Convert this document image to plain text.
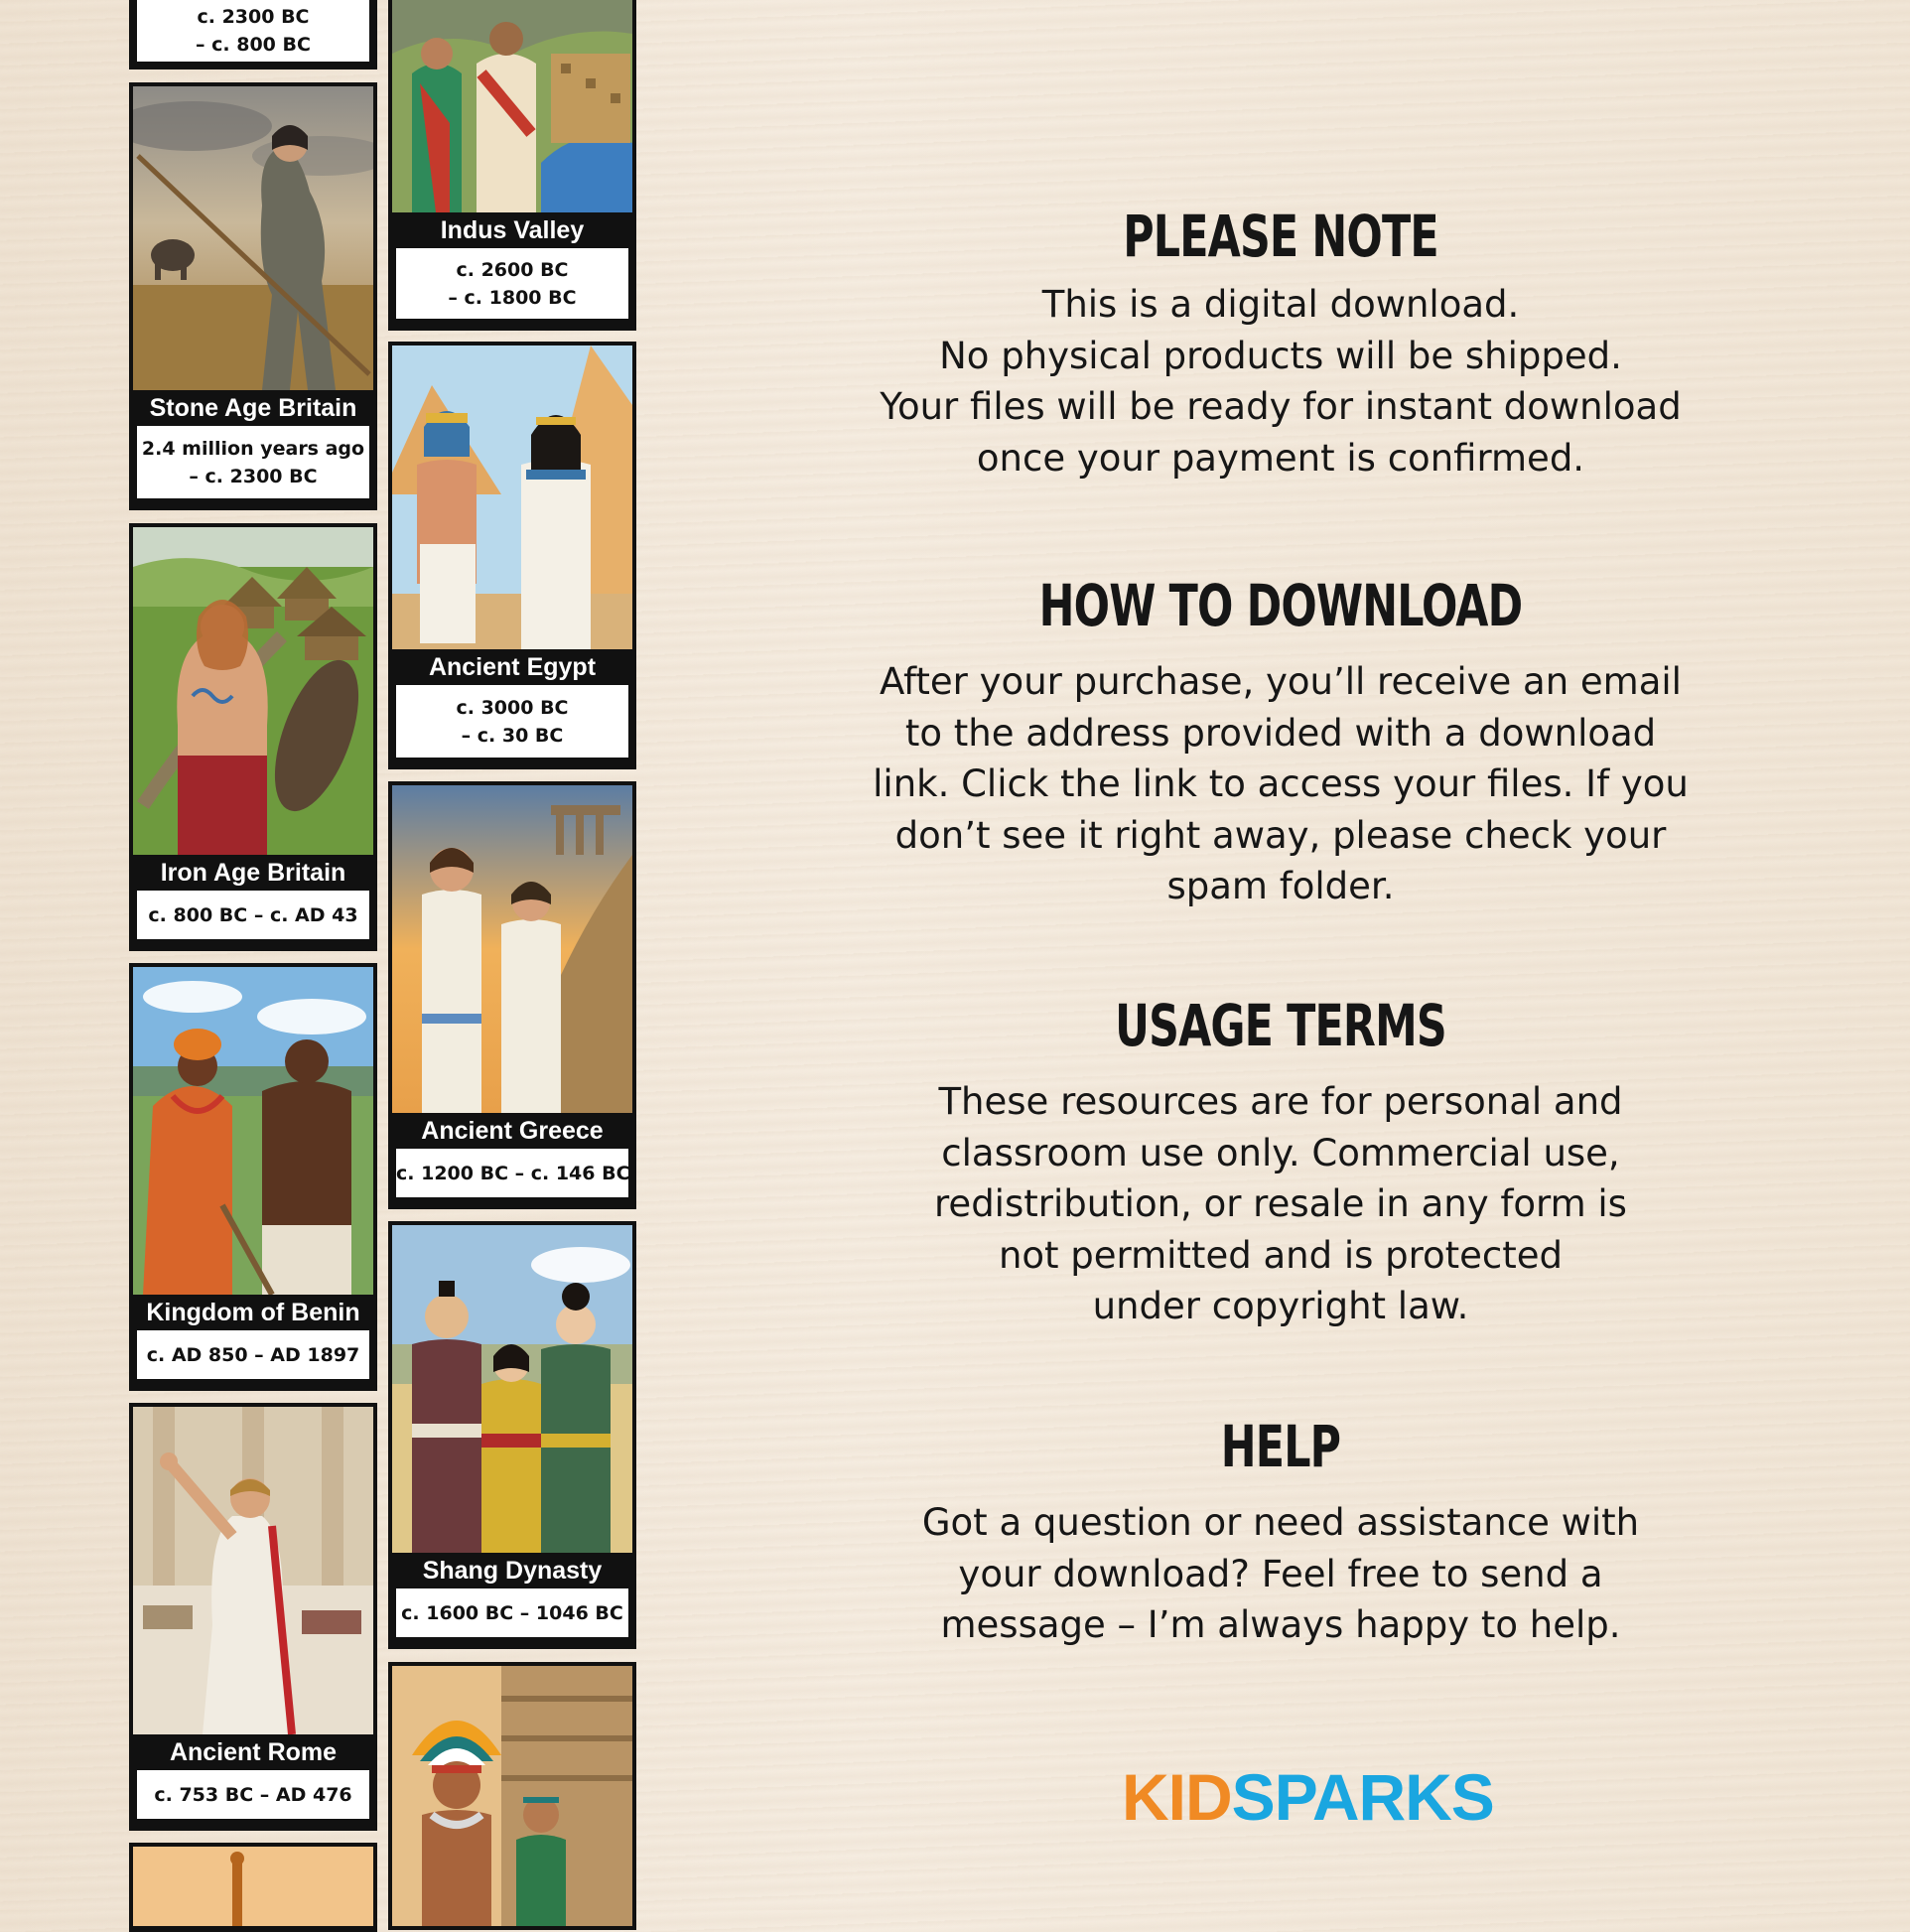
c. 2300 BC
– c. 800 BC
Stone Age Britain
2.4 million years ago
– c. 2300 BC
Iron Age Britain
c. 800 BC – c. AD 43
Kingdom of Benin
c. AD 850 – AD 1897
Ancient Rome
c. 753 BC – AD 476
Indus Valley
c. 2600 BC
– c. 1800 BC
Ancient Egypt
c. 3000 BC
– c. 30 BC
Ancient Greece
c. 1200 BC – c. 146 BC
Shang Dynasty
c. 1600 BC – 1046 BC
PLEASE NOTE

This is a digital download.

No physical products will be shipped.

Your files will be ready for instant download

once your payment is confirmed.

HOW TO DOWNLOAD

After your purchase, you’ll receive an email

to the address provided with a download

link. Click the link to access your files. If you

don’t see it right away, please check your

spam folder.

USAGE TERMS

These resources are for personal and

classroom use only. Commercial use,

redistribution, or resale in any form is

not permitted and is protected

under copyright law.

HELP

Got a question or need assistance with

your download? Feel free to send a

message – I’m always happy to help.

KIDSPARKS
